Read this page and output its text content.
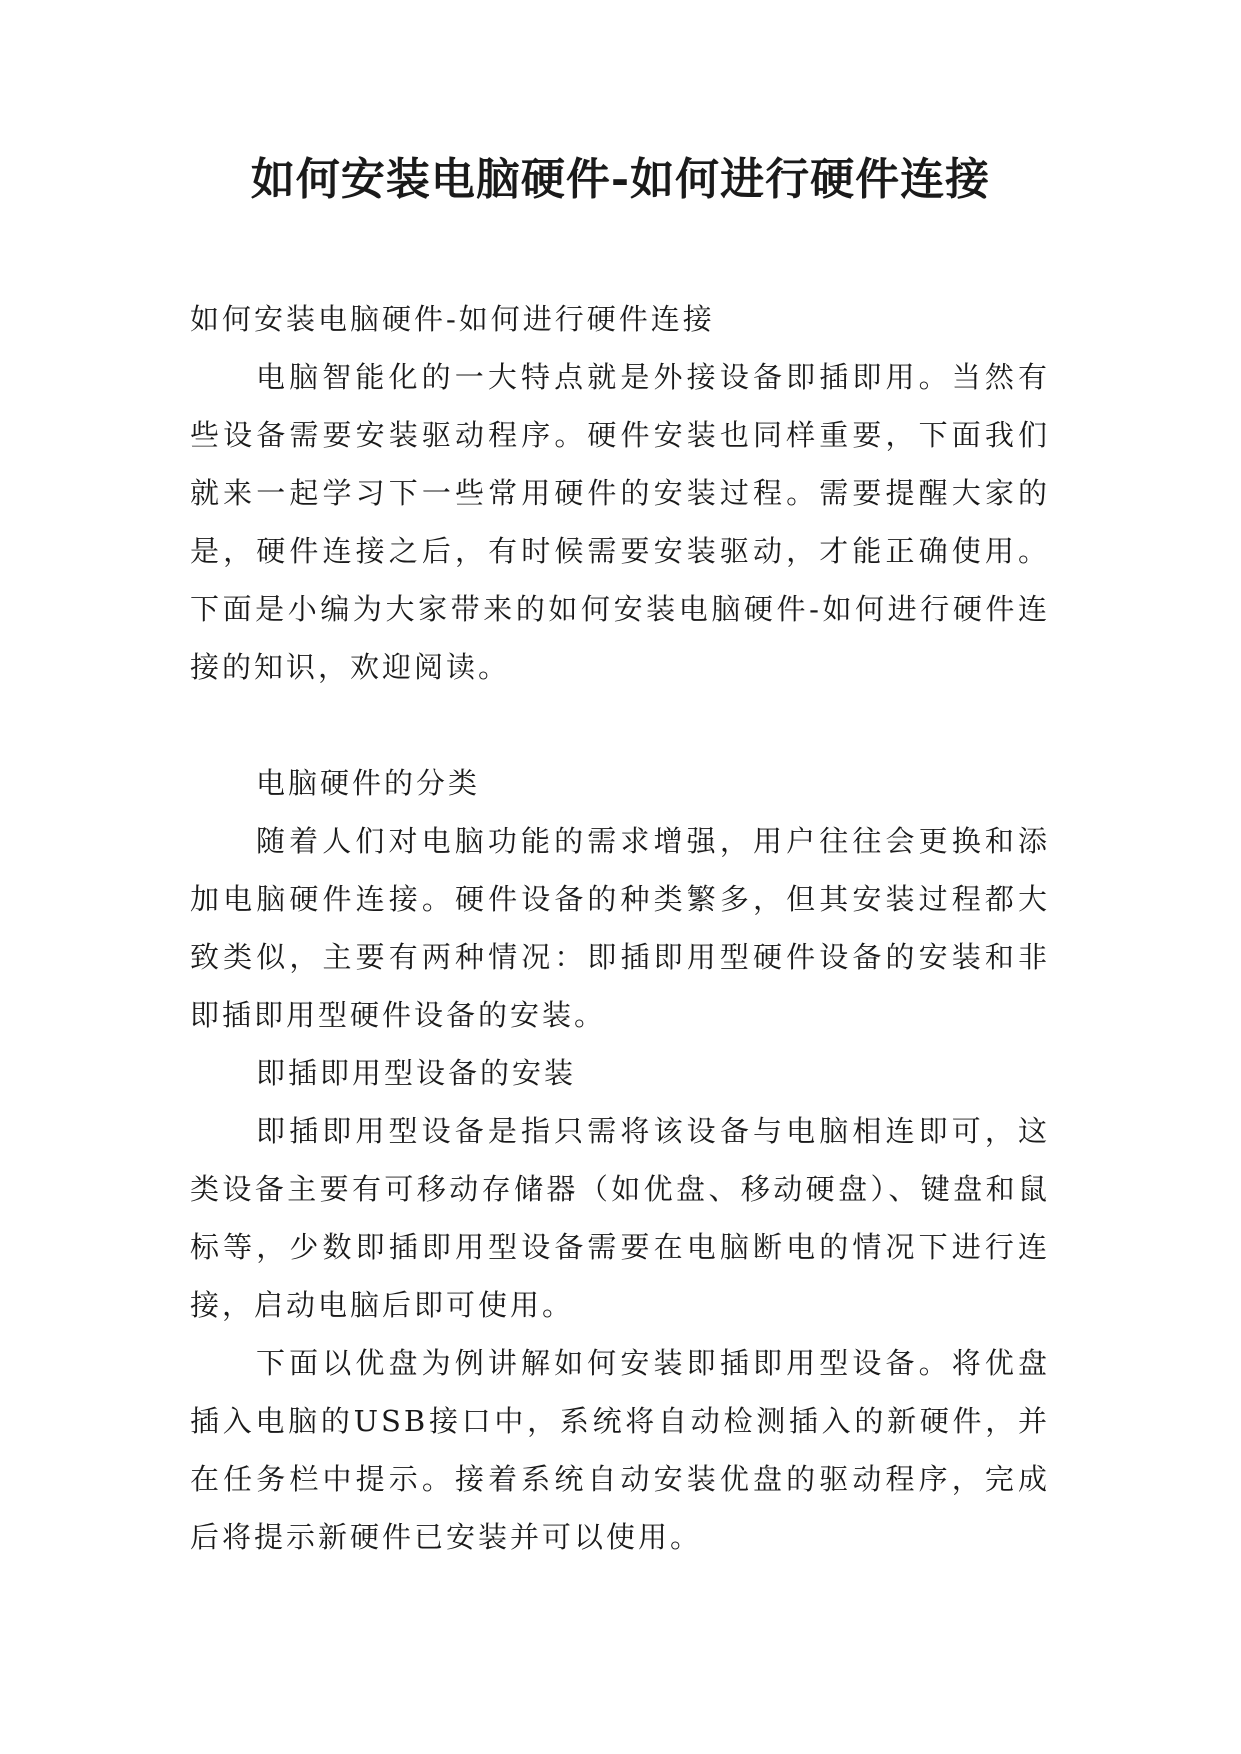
如何安装电脑硬件-如何进行硬件连接

如何安装电脑硬件-如何进行硬件连接

电脑智能化的一大特点就是外接设备即插即用。当然有些设备需要安装驱动程序。硬件安装也同样重要，下面我们就来一起学习下一些常用硬件的安装过程。需要提醒大家的是，硬件连接之后，有时候需要安装驱动，才能正确使用。下面是小编为大家带来的如何安装电脑硬件-如何进行硬件连接的知识，欢迎阅读。

电脑硬件的分类

随着人们对电脑功能的需求增强，用户往往会更换和添加电脑硬件连接。硬件设备的种类繁多，但其安装过程都大致类似，主要有两种情况：即插即用型硬件设备的安装和非即插即用型硬件设备的安装。

即插即用型设备的安装

即插即用型设备是指只需将该设备与电脑相连即可，这类设备主要有可移动存储器（如优盘、移动硬盘）、键盘和鼠标等，少数即插即用型设备需要在电脑断电的情况下进行连接，启动电脑后即可使用。

下面以优盘为例讲解如何安装即插即用型设备。将优盘插入电脑的USB接口中，系统将自动检测插入的新硬件，并在任务栏中提示。接着系统自动安装优盘的驱动程序，完成后将提示新硬件已安装并可以使用。
